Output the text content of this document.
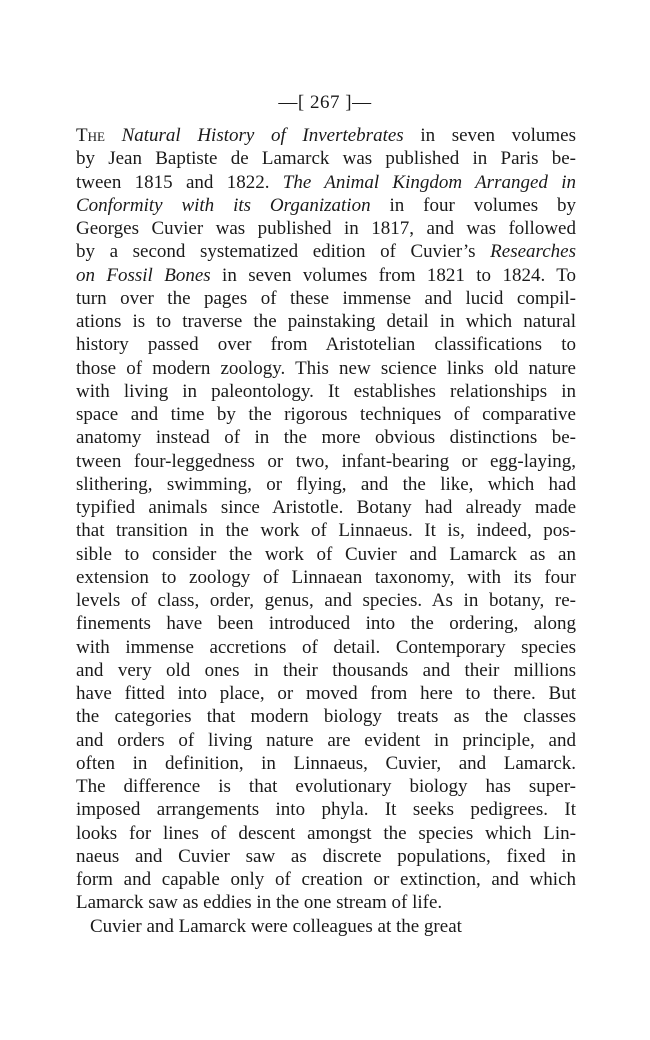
—[ 267 ]—
The Natural History of Invertebrates in seven volumes
by Jean Baptiste de Lamarck was published in Paris be-
tween 1815 and 1822. The Animal Kingdom Arranged in
Conformity with its Organization in four volumes by
Georges Cuvier was published in 1817, and was followed
by a second systematized edition of Cuvier’s Researches
on Fossil Bones in seven volumes from 1821 to 1824. To
turn over the pages of these immense and lucid compil-
ations is to traverse the painstaking detail in which natural
history passed over from Aristotelian classifications to
those of modern zoology. This new science links old nature
with living in paleontology. It establishes relationships in
space and time by the rigorous techniques of comparative
anatomy instead of in the more obvious distinctions be-
tween four-leggedness or two, infant-bearing or egg-laying,
slithering, swimming, or flying, and the like, which had
typified animals since Aristotle. Botany had already made
that transition in the work of Linnaeus. It is, indeed, pos-
sible to consider the work of Cuvier and Lamarck as an
extension to zoology of Linnaean taxonomy, with its four
levels of class, order, genus, and species. As in botany, re-
finements have been introduced into the ordering, along
with immense accretions of detail. Contemporary species
and very old ones in their thousands and their millions
have fitted into place, or moved from here to there. But
the categories that modern biology treats as the classes
and orders of living nature are evident in principle, and
often in definition, in Linnaeus, Cuvier, and Lamarck.
The difference is that evolutionary biology has super-
imposed arrangements into phyla. It seeks pedigrees. It
looks for lines of descent amongst the species which Lin-
naeus and Cuvier saw as discrete populations, fixed in
form and capable only of creation or extinction, and which
Lamarck saw as eddies in the one stream of life.
Cuvier and Lamarck were colleagues at the great
